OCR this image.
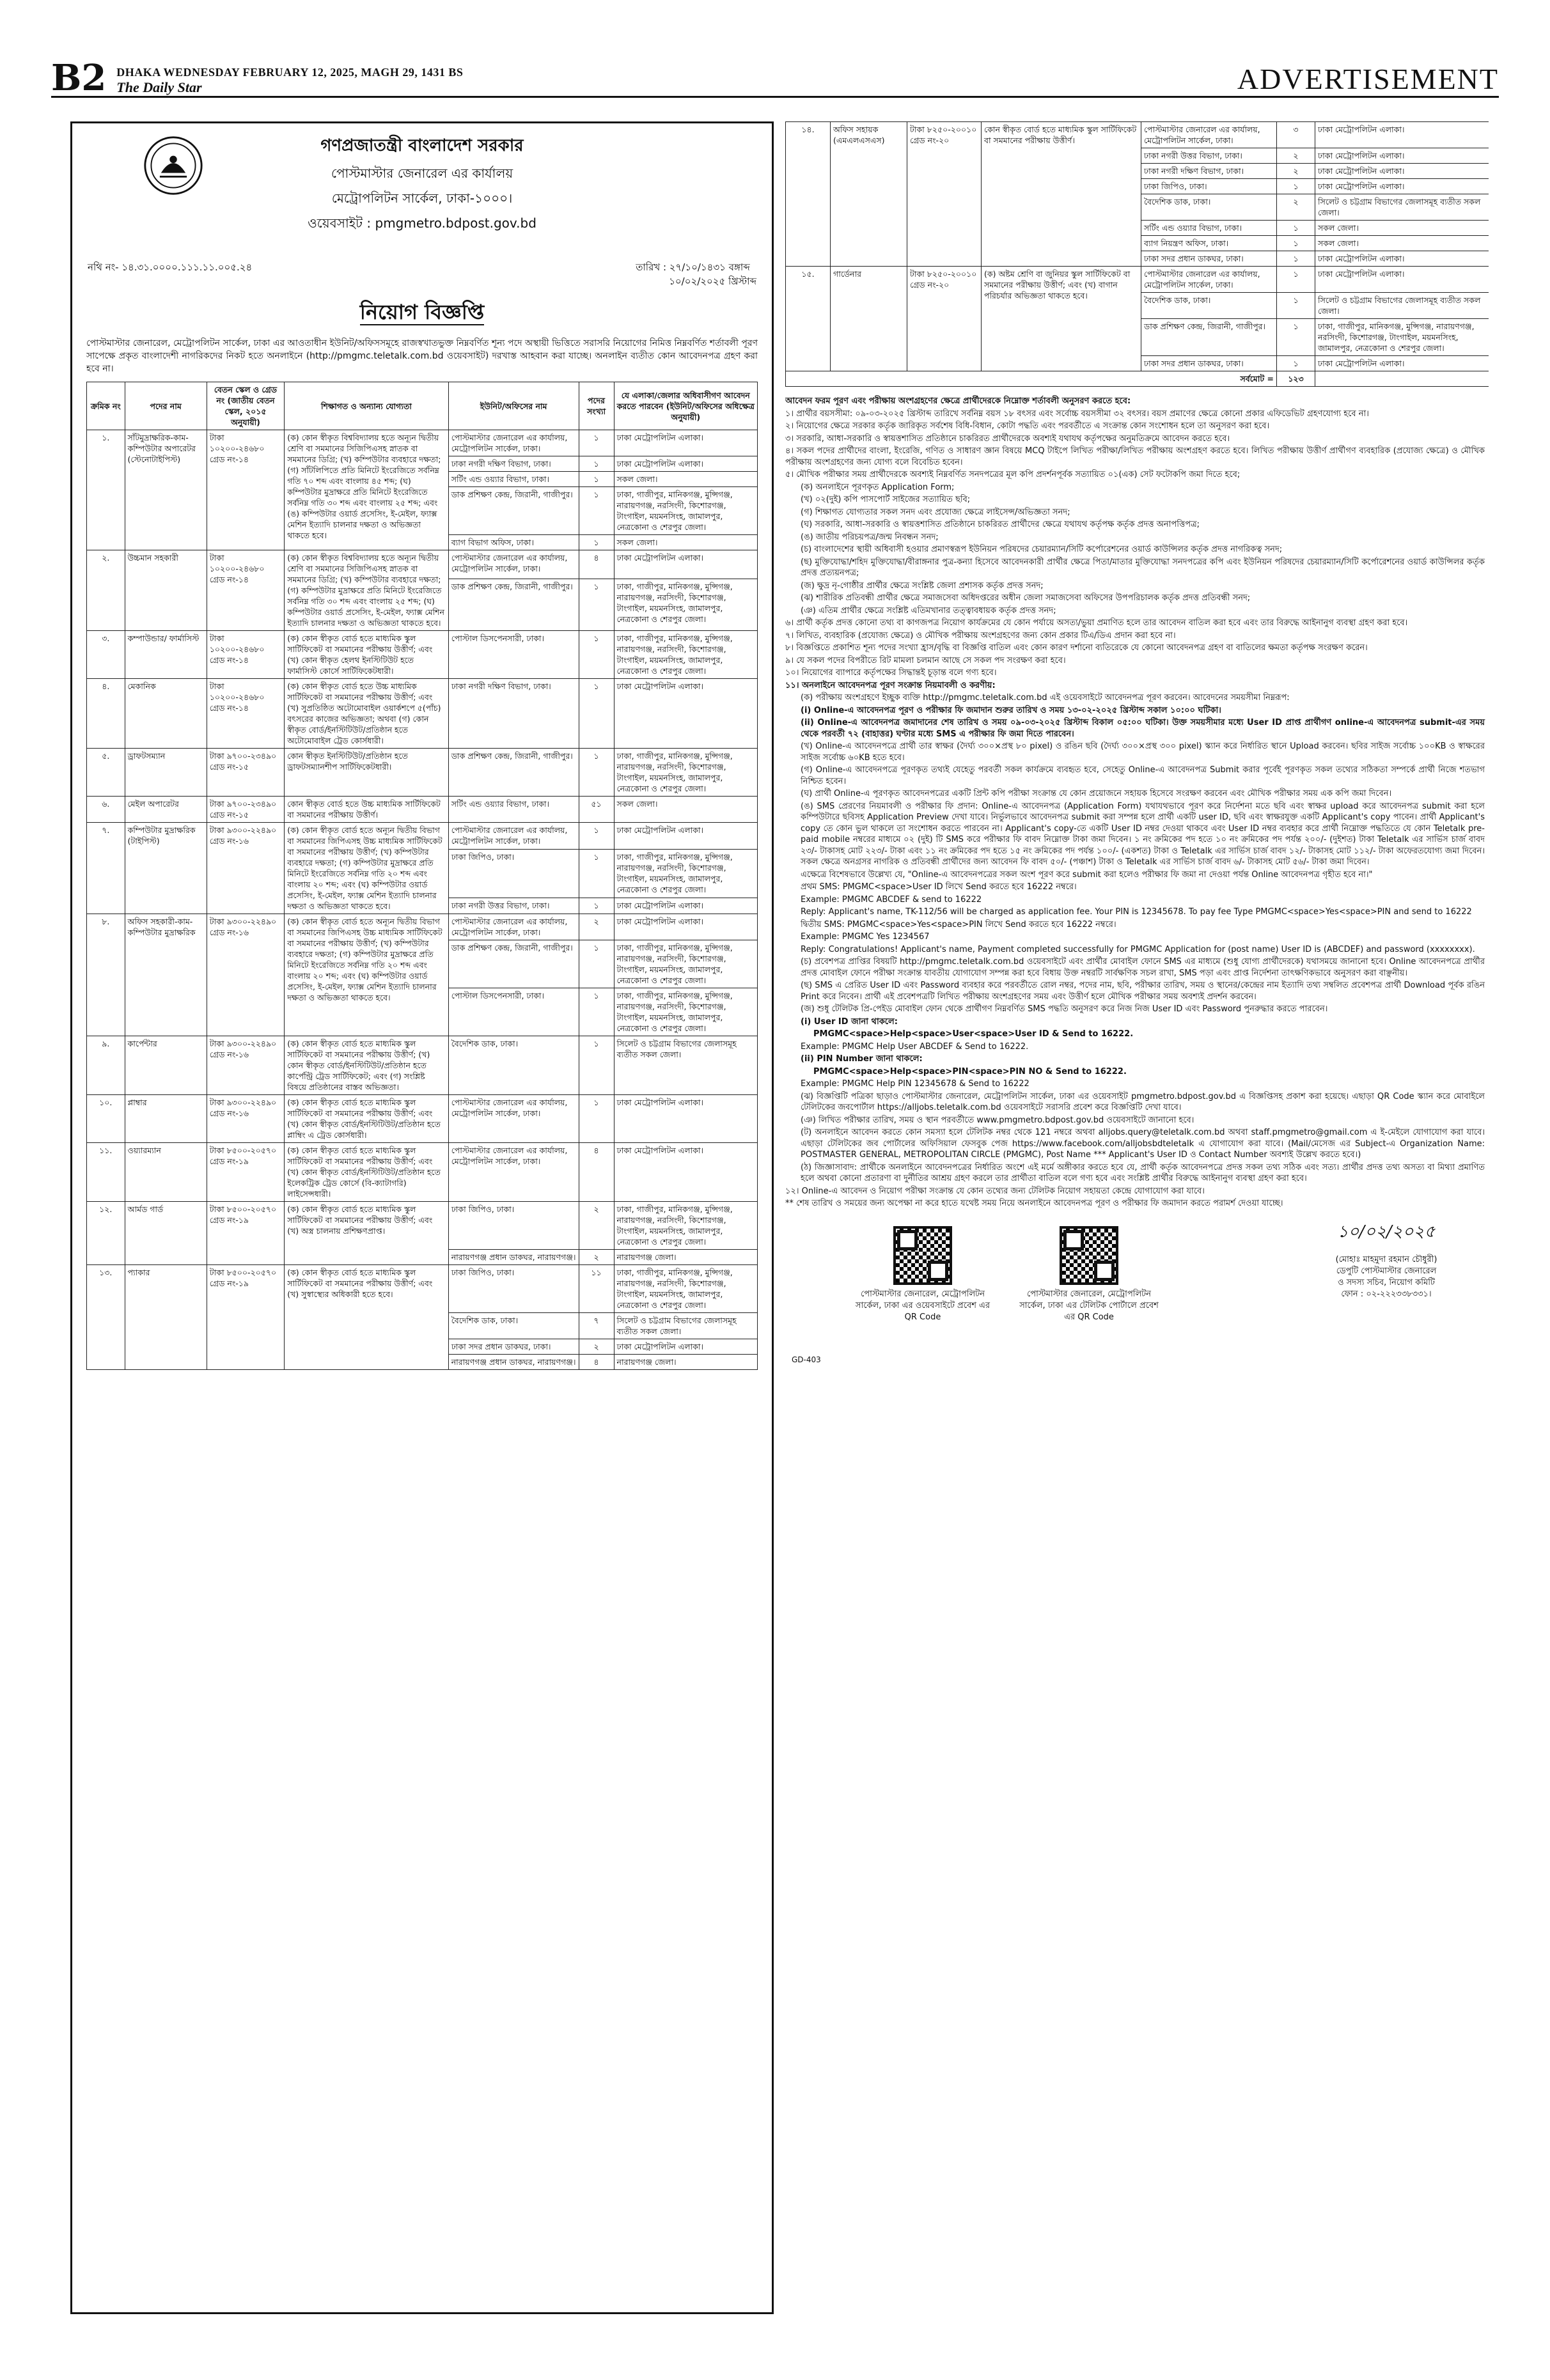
B2 DHAKA WEDNESDAY FEBRUARY 12, 2025, MAGH 29, 1431 BS
The Daily Star	ADVERTISEMENT
গণপ্রজাতন্ত্রী বাংলাদেশ সরকার
পোস্টমাস্টার জেনারেল এর কার্যালয়
মেট্রোপলিটন সার্কেল, ঢাকা-১০০০।
ওয়েবসাইট : pmgmetro.bdpost.gov.bd
নথি নং- ১৪.৩১.০০০০.১১১.১১.০০৫.২৪	তারিখ : ২৭/১০/১৪৩১ বঙ্গাব্দ
১০/০২/২০২৫ খ্রিস্টাব্দ
নিয়োগ বিজ্ঞপ্তি
পোস্টমাস্টার জেনারেল, মেট্রোপলিটন সার্কেল, ঢাকা এর আওতাধীন ইউনিট/অফিসসমূহে রাজস্বখাতভুক্ত নিম্নবর্ণিত শূন্য পদে অস্থায়ী ভিত্তিতে সরাসরি নিয়োগের নিমিত্ত নিম্নবর্ণিত শর্তাবলী পূরণ সাপেক্ষে প্রকৃত বাংলাদেশী নাগরিকদের নিকট হতে অনলাইনে (http://pmgmc.teletalk.com.bd ওয়েবসাইট) দরখাস্ত আহবান করা যাচ্ছে। অনলাইন ব্যতীত কোন আবেদনপত্র গ্রহণ করা হবে না।
ক্রমিক নং	পদের নাম	বেতন স্কেল ও গ্রেড নং (জাতীয় বেতন স্কেল, ২০১৫ অনুযায়ী)	শিক্ষাগত ও অন্যান্য যোগ্যতা	ইউনিট/অফিসের নাম	পদের সংখ্যা	যে এলাকা/জেলার অধিবাসীগণ আবেদন করতে পারবেন (ইউনিট/অফিসের অধিক্ষেত্র অনুযায়ী)
১.	সাঁটমুদ্রাক্ষরিক-কাম-কম্পিউটার অপারেটর (স্টেনোটাইপিস্ট)	টাকা ১০২০০-২৪৬৮০ গ্রেড নং-১৪	(ক) কোন স্বীকৃত বিশ্ববিদ্যালয় হতে অন্যূন দ্বিতীয় শ্রেণি বা সমমানের সিজিপিএসহ স্নাতক বা সমমানের ডিগ্রি; (খ) কম্পিউটার ব্যবহারে দক্ষতা; (গ) সাঁটলিপিতে প্রতি মিনিটে ইংরেজিতে সর্বনিম্ন গতি ৭০ শব্দ এবং বাংলায় ৪৫ শব্দ; (ঘ) কম্পিউটার মুদ্রাক্ষরে প্রতি মিনিটে ইংরেজিতে সর্বনিম্ন গতি ৩০ শব্দ এবং বাংলায় ২৫ শব্দ; এবং (ঙ) কম্পিউটার ওয়ার্ড প্রসেসিং, ই-মেইল, ফ্যাক্স মেশিন ইত্যাদি চালনার দক্ষতা ও অভিজ্ঞতা থাকতে হবে।	পোস্টমাস্টার জেনারেল এর কার্যালয়, মেট্রোপলিটন সার্কেল, ঢাকা।	১	ঢাকা মেট্রোপলিটন এলাকা।
				ঢাকা নগরী দক্ষিণ বিভাগ, ঢাকা।	১	ঢাকা মেট্রোপলিটন এলাকা।
				সর্টিং এন্ড ওয়্যার বিভাগ, ঢাকা।	১	সকল জেলা।
				ডাক প্রশিক্ষণ কেন্দ্র, জিরানী, গাজীপুর।	১	ঢাকা, গাজীপুর, মানিকগঞ্জ, মুন্সিগঞ্জ, নারায়ণগঞ্জ, নরসিংদী, কিশোরগঞ্জ, টাংগাইল, ময়মনসিংহ, জামালপুর, নেত্রকোনা ও শেরপুর জেলা।
				ব্যাগ বিভাগ অফিস, ঢাকা।	১	সকল জেলা।
২.	উচ্চমান সহকারী	টাকা ১০২০০-২৪৬৮০ গ্রেড নং-১৪	(ক) কোন স্বীকৃত বিশ্ববিদ্যালয় হতে অন্যূন দ্বিতীয় শ্রেণি বা সমমানের সিজিপিএসহ স্নাতক বা সমমানের ডিগ্রি; (খ) কম্পিউটার ব্যবহারে দক্ষতা; (গ) কম্পিউটার মুদ্রাক্ষরে প্রতি মিনিটে ইংরেজিতে সর্বনিম্ন গতি ৩০ শব্দ এবং বাংলায় ২৫ শব্দ; (ঘ) কম্পিউটার ওয়ার্ড প্রসেসিং, ই-মেইল, ফ্যাক্স মেশিন ইত্যাদি চালনার দক্ষতা ও অভিজ্ঞতা থাকতে হবে।	পোস্টমাস্টার জেনারেল এর কার্যালয়, মেট্রোপলিটন সার্কেল, ঢাকা।	৪	ঢাকা মেট্রোপলিটন এলাকা।
				ডাক প্রশিক্ষণ কেন্দ্র, জিরানী, গাজীপুর।	১	ঢাকা, গাজীপুর, মানিকগঞ্জ, মুন্সিগঞ্জ, নারায়ণগঞ্জ, নরসিংদী, কিশোরগঞ্জ, টাংগাইল, ময়মনসিংহ, জামালপুর, নেত্রকোনা ও শেরপুর জেলা।
৩.	কম্পাউন্ডার/ ফার্মাসিস্ট	টাকা ১০২০০-২৪৬৮০ গ্রেড নং-১৪	(ক) কোন স্বীকৃত বোর্ড হতে মাধ্যমিক স্কুল সার্টিফিকেট বা সমমানের পরীক্ষায় উত্তীর্ণ; এবং (খ) কোন স্বীকৃত হেলথ ইনস্টিটিউট হতে ফার্মাসিস্ট কোর্সে সার্টিফিকেটধারী।	পোস্টাল ডিসপেনসারী, ঢাকা।	১	ঢাকা, গাজীপুর, মানিকগঞ্জ, মুন্সিগঞ্জ, নারায়ণগঞ্জ, নরসিংদী, কিশোরগঞ্জ, টাংগাইল, ময়মনসিংহ, জামালপুর, নেত্রকোনা ও শেরপুর জেলা।
৪.	মেকানিক	টাকা ১০২০০-২৪৬৮০ গ্রেড নং-১৪	(ক) কোন স্বীকৃত বোর্ড হতে উচ্চ মাধ্যমিক সার্টিফিকেট বা সমমানের পরীক্ষায় উত্তীর্ণ; এবং (খ) সুপ্রতিষ্ঠিত অটোমোবাইল ওয়ার্কশপে ৫(পাঁচ) বৎসরের কাজের অভিজ্ঞতা; অথবা (গ) কোন স্বীকৃত বোর্ড/ইনস্টিটিউট/প্রতিষ্ঠান হতে অটোমোবাইল ট্রেড কোর্সধারী।	ঢাকা নগরী দক্ষিণ বিভাগ, ঢাকা।	১	ঢাকা মেট্রোপলিটন এলাকা।
৫.	ড্রাফটসম্যান	টাকা ৯৭০০-২৩৪৯০ গ্রেড নং-১৫	কোন স্বীকৃত ইনস্টিটিউট/প্রতিষ্ঠান হতে ড্রাফটসম্যানশীপ সার্টিফিকেটধারী।	ডাক প্রশিক্ষণ কেন্দ্র, জিরানী, গাজীপুর।	১	ঢাকা, গাজীপুর, মানিকগঞ্জ, মুন্সিগঞ্জ, নারায়ণগঞ্জ, নরসিংদী, কিশোরগঞ্জ, টাংগাইল, ময়মনসিংহ, জামালপুর, নেত্রকোনা ও শেরপুর জেলা।
৬.	মেইল অপারেটর	টাকা ৯৭০০-২৩৪৯০ গ্রেড নং-১৫	কোন স্বীকৃত বোর্ড হতে উচ্চ মাধ্যমিক সার্টিফিকেট বা সমমানের পরীক্ষায় উত্তীর্ণ।	সর্টিং এন্ড ওয়্যার বিভাগ, ঢাকা।	৫১	সকল জেলা।
৭.	কম্পিউটার মুদ্রাক্ষরিক (টাইপিস্ট)	টাকা ৯৩০০-২২৪৯০ গ্রেড নং-১৬	(ক) কোন স্বীকৃত বোর্ড হতে অন্যূন দ্বিতীয় বিভাগ বা সমমানের জিপিএসহ উচ্চ মাধ্যমিক সার্টিফিকেট বা সমমানের পরীক্ষায় উত্তীর্ণ; (খ) কম্পিউটার ব্যবহারে দক্ষতা; (গ) কম্পিউটার মুদ্রাক্ষরে প্রতি মিনিটে ইংরেজিতে সর্বনিম্ন গতি ২০ শব্দ এবং বাংলায় ২০ শব্দ; এবং (ঘ) কম্পিউটার ওয়ার্ড প্রসেসিং, ই-মেইল, ফ্যাক্স মেশিন ইত্যাদি চালনার দক্ষতা ও অভিজ্ঞতা থাকতে হবে।	পোস্টমাস্টার জেনারেল এর কার্যালয়, মেট্রোপলিটন সার্কেল, ঢাকা।	১	ঢাকা মেট্রোপলিটন এলাকা।
				ঢাকা জিপিও, ঢাকা।	১	ঢাকা, গাজীপুর, মানিকগঞ্জ, মুন্সিগঞ্জ, নারায়ণগঞ্জ, নরসিংদী, কিশোরগঞ্জ, টাংগাইল, ময়মনসিংহ, জামালপুর, নেত্রকোনা ও শেরপুর জেলা।
				ঢাকা নগরী উত্তর বিভাগ, ঢাকা।	১	ঢাকা মেট্রোপলিটন এলাকা।
৮.	অফিস সহকারী-কাম-কম্পিউটার মুদ্রাক্ষরিক	টাকা ৯৩০০-২২৪৯০ গ্রেড নং-১৬	(ক) কোন স্বীকৃত বোর্ড হতে অন্যূন দ্বিতীয় বিভাগ বা সমমানের জিপিএসহ উচ্চ মাধ্যমিক সার্টিফিকেট বা সমমানের পরীক্ষায় উত্তীর্ণ; (খ) কম্পিউটার ব্যবহারে দক্ষতা; (গ) কম্পিউটার মুদ্রাক্ষরে প্রতি মিনিটে ইংরেজিতে সর্বনিম্ন গতি ২০ শব্দ এবং বাংলায় ২০ শব্দ; এবং (ঘ) কম্পিউটার ওয়ার্ড প্রসেসিং, ই-মেইল, ফ্যাক্স মেশিন ইত্যাদি চালনার দক্ষতা ও অভিজ্ঞতা থাকতে হবে।	পোস্টমাস্টার জেনারেল এর কার্যালয়, মেট্রোপলিটন সার্কেল, ঢাকা।	২	ঢাকা মেট্রোপলিটন এলাকা।
				ডাক প্রশিক্ষণ কেন্দ্র, জিরানী, গাজীপুর।	১	ঢাকা, গাজীপুর, মানিকগঞ্জ, মুন্সিগঞ্জ, নারায়ণগঞ্জ, নরসিংদী, কিশোরগঞ্জ, টাংগাইল, ময়মনসিংহ, জামালপুর, নেত্রকোনা ও শেরপুর জেলা।
				পোস্টাল ডিসপেনসারী, ঢাকা।	১	ঢাকা, গাজীপুর, মানিকগঞ্জ, মুন্সিগঞ্জ, নারায়ণগঞ্জ, নরসিংদী, কিশোরগঞ্জ, টাংগাইল, ময়মনসিংহ, জামালপুর, নেত্রকোনা ও শেরপুর জেলা।
৯.	কার্পেন্টার	টাকা ৯৩০০-২২৪৯০ গ্রেড নং-১৬	(ক) কোন স্বীকৃত বোর্ড হতে মাধ্যমিক স্কুল সার্টিফিকেট বা সমমানের পরীক্ষায় উত্তীর্ণ; (খ) কোন স্বীকৃত বোর্ড/ইনস্টিটিউট/প্রতিষ্ঠান হতে কার্পেন্ট্রি ট্রেড সার্টিফিকেট; এবং (গ) সংশ্লিষ্ট বিষয়ে প্রতিষ্ঠানের বাস্তব অভিজ্ঞতা।	বৈদেশিক ডাক, ঢাকা।	১	সিলেট ও চট্টগ্রাম বিভাগের জেলাসমূহ ব্যতীত সকল জেলা।
১০.	প্লাম্বার	টাকা ৯৩০০-২২৪৯০ গ্রেড নং-১৬	(ক) কোন স্বীকৃত বোর্ড হতে মাধ্যমিক স্কুল সার্টিফিকেট বা সমমানের পরীক্ষায় উত্তীর্ণ; এবং (খ) কোন স্বীকৃত বোর্ড/ইনস্টিটিউট/প্রতিষ্ঠান হতে প্লাম্বিং এ ট্রেড কোর্সধারী।	পোস্টমাস্টার জেনারেল এর কার্যালয়, মেট্রোপলিটন সার্কেল, ঢাকা।	১	ঢাকা মেট্রোপলিটন এলাকা।
১১.	ওয়্যারম্যান	টাকা ৮৫০০-২০৫৭০ গ্রেড নং-১৯	(ক) কোন স্বীকৃত বোর্ড হতে মাধ্যমিক স্কুল সার্টিফিকেট বা সমমানের পরীক্ষায় উত্তীর্ণ; এবং (খ) কোন স্বীকৃত বোর্ড/ইনস্টিটিউট/প্রতিষ্ঠান হতে ইলেকট্রিক ট্রেড কোর্সে (বি-ক্যাটাগরি) লাইসেন্সধারী।	পোস্টমাস্টার জেনারেল এর কার্যালয়, মেট্রোপলিটন সার্কেল, ঢাকা।	৪	ঢাকা মেট্রোপলিটন এলাকা।
১২.	আর্মড গার্ড	টাকা ৮৫০০-২০৫৭০ গ্রেড নং-১৯	(ক) কোন স্বীকৃত বোর্ড হতে মাধ্যমিক স্কুল সার্টিফিকেট বা সমমানের পরীক্ষায় উত্তীর্ণ; এবং (খ) অস্ত্র চালনায় প্রশিক্ষণপ্রাপ্ত।	ঢাকা জিপিও, ঢাকা।	২	ঢাকা, গাজীপুর, মানিকগঞ্জ, মুন্সিগঞ্জ, নারায়ণগঞ্জ, নরসিংদী, কিশোরগঞ্জ, টাংগাইল, ময়মনসিংহ, জামালপুর, নেত্রকোনা ও শেরপুর জেলা।
				নারায়ণগঞ্জ প্রধান ডাকঘর, নারায়ণগঞ্জ।	২	নারায়ণগঞ্জ জেলা।
১৩.	প্যাকার	টাকা ৮৫০০-২০৫৭০ গ্রেড নং-১৯	(ক) কোন স্বীকৃত বোর্ড হতে মাধ্যমিক স্কুল সার্টিফিকেট বা সমমানের পরীক্ষায় উত্তীর্ণ; এবং (খ) সুস্বাস্থ্যের অধিকারী হতে হবে।	ঢাকা জিপিও, ঢাকা।	১১	ঢাকা, গাজীপুর, মানিকগঞ্জ, মুন্সিগঞ্জ, নারায়ণগঞ্জ, নরসিংদী, কিশোরগঞ্জ, টাংগাইল, ময়মনসিংহ, জামালপুর, নেত্রকোনা ও শেরপুর জেলা।
				বৈদেশিক ডাক, ঢাকা।	৭	সিলেট ও চট্টগ্রাম বিভাগের জেলাসমূহ ব্যতীত সকল জেলা।
				ঢাকা সদর প্রধান ডাকঘর, ঢাকা।	২	ঢাকা মেট্রোপলিটন এলাকা।
				নারায়ণগঞ্জ প্রধান ডাকঘর, নারায়ণগঞ্জ।	৪	নারায়ণগঞ্জ জেলা।
১৪.	অফিস সহায়ক (এমএলএসএস)	টাকা ৮২৫০-২০০১০ গ্রেড নং-২০	কোন স্বীকৃত বোর্ড হতে মাধ্যমিক স্কুল সার্টিফিকেট বা সমমানের পরীক্ষায় উত্তীর্ণ।	পোস্টমাস্টার জেনারেল এর কার্যালয়, মেট্রোপলিটন সার্কেল, ঢাকা।	৩	ঢাকা মেট্রোপলিটন এলাকা।
				ঢাকা নগরী উত্তর বিভাগ, ঢাকা।	২	ঢাকা মেট্রোপলিটন এলাকা।
				ঢাকা নগরী দক্ষিণ বিভাগ, ঢাকা।	২	ঢাকা মেট্রোপলিটন এলাকা।
				ঢাকা জিপিও, ঢাকা।	১	ঢাকা মেট্রোপলিটন এলাকা।
				বৈদেশিক ডাক, ঢাকা।	২	সিলেট ও চট্টগ্রাম বিভাগের জেলাসমূহ ব্যতীত সকল জেলা।
				সর্টিং এন্ড ওয়্যার বিভাগ, ঢাকা।	১	সকল জেলা।
				ব্যাগ নিয়ন্ত্রণ অফিস, ঢাকা।	১	সকল জেলা।
				ঢাকা সদর প্রধান ডাকঘর, ঢাকা।	১	ঢাকা মেট্রোপলিটন এলাকা।
১৫.	গার্ডেনার	টাকা ৮২৫০-২০০১০ গ্রেড নং-২০	(ক) অষ্টম শ্রেণি বা জুনিয়র স্কুল সার্টিফিকেট বা সমমানের পরীক্ষায় উত্তীর্ণ; এবং (খ) বাগান পরিচর্যার অভিজ্ঞতা থাকতে হবে।	পোস্টমাস্টার জেনারেল এর কার্যালয়, মেট্রোপলিটন সার্কেল, ঢাকা।	১	ঢাকা মেট্রোপলিটন এলাকা।
				বৈদেশিক ডাক, ঢাকা।	১	সিলেট ও চট্টগ্রাম বিভাগের জেলাসমূহ ব্যতীত সকল জেলা।
				ডাক প্রশিক্ষণ কেন্দ্র, জিরানী, গাজীপুর।	১	ঢাকা, গাজীপুর, মানিকগঞ্জ, মুন্সিগঞ্জ, নারায়ণগঞ্জ, নরসিংদী, কিশোরগঞ্জ, টাংগাইল, ময়মনসিংহ, জামালপুর, নেত্রকোনা ও শেরপুর জেলা।
				ঢাকা সদর প্রধান ডাকঘর, ঢাকা।	১	ঢাকা মেট্রোপলিটন এলাকা।
সর্বমোট =					১২৩	

আবেদন ফরম পূরণ এবং পরীক্ষায় অংশগ্রহণের ক্ষেত্রে প্রার্থীদেরকে নিম্নোক্ত শর্তাবলী অনুসরণ করতে হবে:

১। প্রার্থীর বয়সসীমা: ০৯-০৩-২০২৫ খ্রিস্টাব্দ তারিখে সর্বনিম্ন বয়স ১৮ বৎসর এবং সর্বোচ্চ বয়সসীমা ৩২ বৎসর। বয়স প্রমাণের ক্ষেত্রে কোনো প্রকার এফিডেভিট গ্রহণযোগ্য হবে না।

২। নিয়োগের ক্ষেত্রে সরকার কর্তৃক জারিকৃত সর্বশেষ বিধি-বিধান, কোটা পদ্ধতি এবং পরবর্তীতে এ সংক্রান্ত কোন সংশোধন হলে তা অনুসরণ করা হবে।

৩। সরকারি, আধা-সরকারি ও স্বায়ত্তশাসিত প্রতিষ্ঠানে চাকরিরত প্রার্থীদেরকে অবশ্যই যথাযথ কর্তৃপক্ষের অনুমতিক্রমে আবেদন করতে হবে।

৪। সকল পদের প্রার্থীদের বাংলা, ইংরেজি, গণিত ও সাধারণ জ্ঞান বিষয়ে MCQ টাইপে লিখিত পরীক্ষা/লিখিত পরীক্ষায় অংশগ্রহণ করতে হবে। লিখিত পরীক্ষায় উত্তীর্ণ প্রার্থীগণ ব্যবহারিক (প্রযোজ্য ক্ষেত্রে) ও মৌখিক পরীক্ষায় অংশগ্রহণের জন্য যোগ্য বলে বিবেচিত হবেন।

৫। মৌখিক পরীক্ষার সময় প্রার্থীদেরকে অবশ্যই নিম্নবর্ণিত সনদপত্রের মূল কপি প্রদর্শনপূর্বক সত্যায়িত ০১(এক) সেট ফটোকপি জমা দিতে হবে;

(ক) অনলাইনে পূরণকৃত Application Form;

(খ) ০২(দুই) কপি পাসপোর্ট সাইজের সত্যায়িত ছবি;

(গ) শিক্ষাগত যোগ্যতার সকল সনদ এবং প্রযোজ্য ক্ষেত্রে লাইসেন্স/অভিজ্ঞতা সনদ;

(ঘ) সরকারি, আধা-সরকারি ও স্বায়ত্তশাসিত প্রতিষ্ঠানে চাকরিরত প্রার্থীদের ক্ষেত্রে যথাযথ কর্তৃপক্ষ কর্তৃক প্রদত্ত অনাপত্তিপত্র;

(ঙ) জাতীয় পরিচয়পত্র/জন্ম নিবন্ধন সনদ;

(চ) বাংলাদেশের স্থায়ী অধিবাসী হওয়ার প্রমাণস্বরূপ ইউনিয়ন পরিষদের চেয়ারম্যান/সিটি কর্পোরেশনের ওয়ার্ড কাউন্সিলর কর্তৃক প্রদত্ত নাগরিকত্ব সনদ;

(ছ) মুক্তিযোদ্ধা/শহিদ মুক্তিযোদ্ধা/বীরাঙ্গনার পুত্র-কন্যা হিসেবে আবেদনকারী প্রার্থীর ক্ষেত্রে পিতা/মাতার মুক্তিযোদ্ধা সনদপত্রের কপি এবং ইউনিয়ন পরিষদের চেয়ারম্যান/সিটি কর্পোরেশনের ওয়ার্ড কাউন্সিলর কর্তৃক প্রদত্ত প্রত্যয়নপত্র;

(জ) ক্ষুদ্র নৃ-গোষ্ঠীর প্রার্থীর ক্ষেত্রে সংশ্লিষ্ট জেলা প্রশাসক কর্তৃক প্রদত্ত সনদ;

(ঝ) শারীরিক প্রতিবন্ধী প্রার্থীর ক্ষেত্রে সমাজসেবা অধিদপ্তরের অধীন জেলা সমাজসেবা অফিসের উপপরিচালক কর্তৃক প্রদত্ত প্রতিবন্ধী সনদ;

(ঞ) এতিম প্রার্থীর ক্ষেত্রে সংশ্লিষ্ট এতিমখানার তত্ত্বাবধায়ক কর্তৃক প্রদত্ত সনদ;

৬। প্রার্থী কর্তৃক প্রদত্ত কোনো তথ্য বা কাগজপত্র নিয়োগ কার্যক্রমের যে কোন পর্যায়ে অসত্য/ভুয়া প্রমাণিত হলে তার আবেদন বাতিল করা হবে এবং তার বিরুদ্ধে আইনানুগ ব্যবস্থা গ্রহণ করা হবে।

৭। লিখিত, ব্যবহারিক (প্রযোজ্য ক্ষেত্রে) ও মৌখিক পরীক্ষায় অংশগ্রহণের জন্য কোন প্রকার টিএ/ডিএ প্রদান করা হবে না।

৮। বিজ্ঞপ্তিতে প্রকাশিত শূন্য পদের সংখ্যা হ্রাস/বৃদ্ধি বা বিজ্ঞপ্তি বাতিল এবং কোন কারণ দর্শানো ব্যতিরেকে যে কোনো আবেদনপত্র গ্রহণ বা বাতিলের ক্ষমতা কর্তৃপক্ষ সংরক্ষণ করেন।

৯। যে সকল পদের বিপরীতে রিট মামলা চলমান আছে সে সকল পদ সংরক্ষণ করা হবে।

১০। নিয়োগের ব্যাপারে কর্তৃপক্ষের সিদ্ধান্তই চূড়ান্ত বলে গণ্য হবে।

১১। অনলাইনে আবেদনপত্র পূরণ সংক্রান্ত নিয়মাবলী ও করণীয়:

(ক) পরীক্ষায় অংশগ্রহণে ইচ্ছুক ব্যক্তি http://pmgmc.teletalk.com.bd এই ওয়েবসাইটে আবেদনপত্র পূরণ করবেন। আবেদনের সময়সীমা নিম্নরূপ:

(i) Online-এ আবেদনপত্র পূরণ ও পরীক্ষার ফি জমাদান শুরুর তারিখ ও সময় ১৩-০২-২০২৫ খ্রিস্টাব্দ সকাল ১০:০০ ঘটিকা।

(ii) Online-এ আবেদনপত্র জমাদানের শেষ তারিখ ও সময় ০৯-০৩-২০২৫ খ্রিস্টাব্দ বিকাল ০৫:০০ ঘটিকা। উক্ত সময়সীমার মধ্যে User ID প্রাপ্ত প্রার্থীগণ online-এ আবেদনপত্র submit-এর সময় থেকে পরবর্তী ৭২ (বাহাত্তর) ঘণ্টার মধ্যে SMS এ পরীক্ষার ফি জমা দিতে পারবেন।

(খ) Online-এ আবেদনপত্রে প্রার্থী তার স্বাক্ষর (দৈর্ঘ্য ৩০০×প্রস্থ ৮০ pixel) ও রঙিন ছবি (দৈর্ঘ্য ৩০০×প্রস্থ ৩০০ pixel) স্ক্যান করে নির্ধারিত স্থানে Upload করবেন। ছবির সাইজ সর্বোচ্চ ১০০KB ও স্বাক্ষরের সাইজ সর্বোচ্চ ৬০KB হতে হবে।

(গ) Online-এ আবেদনপত্রে পূরণকৃত তথ্যই যেহেতু পরবর্তী সকল কার্যক্রমে ব্যবহৃত হবে, সেহেতু Online-এ আবেদনপত্র Submit করার পূর্বেই পূরণকৃত সকল তথ্যের সঠিকতা সম্পর্কে প্রার্থী নিজে শতভাগ নিশ্চিত হবেন।

(ঘ) প্রার্থী Online-এ পূরণকৃত আবেদনপত্রের একটি প্রিন্ট কপি পরীক্ষা সংক্রান্ত যে কোন প্রয়োজনে সহায়ক হিসেবে সংরক্ষণ করবেন এবং মৌখিক পরীক্ষার সময় এক কপি জমা দিবেন।

(ঙ) SMS প্রেরণের নিয়মাবলী ও পরীক্ষার ফি প্রদান: Online-এ আবেদনপত্র (Application Form) যথাযথভাবে পূরণ করে নির্দেশনা মতে ছবি এবং স্বাক্ষর upload করে আবেদনপত্র submit করা হলে কম্পিউটারে ছবিসহ Application Preview দেখা যাবে। নির্ভুলভাবে আবেদনপত্র submit করা সম্পন্ন হলে প্রার্থী একটি user ID, ছবি এবং স্বাক্ষরযুক্ত একটি Applicant's copy পাবেন। প্রার্থী Applicant's copy তে কোন ভুল থাকলে তা সংশোধন করতে পারবেন না। Applicant's copy-তে একটি User ID নম্বর দেওয়া থাকবে এবং User ID নম্বর ব্যবহার করে প্রার্থী নিম্নোক্ত পদ্ধতিতে যে কোন Teletalk pre-paid mobile নম্বরের মাধ্যমে ০২ (দুই) টি SMS করে পরীক্ষার ফি বাবদ নিম্নোক্ত টাকা জমা দিবেন। ১ নং ক্রমিকের পদ হতে ১০ নং ক্রমিকের পদ পর্যন্ত ২০০/- (দুইশত) টাকা Teletalk এর সার্ভিস চার্জ বাবদ ২৩/- টাকাসহ মোট ২২৩/- টাকা এবং ১১ নং ক্রমিকের পদ হতে ১৫ নং ক্রমিকের পদ পর্যন্ত ১০০/- (একশত) টাকা ও Teletalk এর সার্ভিস চার্জ বাবদ ১২/- টাকাসহ মোট ১১২/- টাকা অফেরতযোগ্য জমা দিবেন। সকল ক্ষেত্রে অনগ্রসর নাগরিক ও প্রতিবন্ধী প্রার্থীদের জন্য আবেদন ফি বাবদ ৫০/- (পঞ্চাশ) টাকা ও Teletalk এর সার্ভিস চার্জ বাবদ ৬/- টাকাসহ মোট ৫৬/- টাকা জমা দিবেন।

এক্ষেত্রে বিশেষভাবে উল্লেখ্য যে, "Online-এ আবেদনপত্রের সকল অংশ পূরণ করে submit করা হলেও পরীক্ষার ফি জমা না দেওয়া পর্যন্ত Online আবেদনপত্র গৃহীত হবে না।"

প্রথম SMS: PMGMC<space>User ID লিখে Send করতে হবে 16222 নম্বরে।

Example: PMGMC ABCDEF & send to 16222

Reply: Applicant's name, TK-112/56 will be charged as application fee. Your PIN is 12345678. To pay fee Type PMGMC<space>Yes<space>PIN and send to 16222

দ্বিতীয় SMS: PMGMC<space>Yes<space>PIN লিখে Send করতে হবে 16222 নম্বরে।

Example: PMGMC Yes 1234567

Reply: Congratulations! Applicant's name, Payment completed successfully for PMGMC Application for (post name) User ID is (ABCDEF) and password (xxxxxxxx).

(চ) প্রবেশপত্র প্রাপ্তির বিষয়টি http://pmgmc.teletalk.com.bd ওয়েবসাইটে এবং প্রার্থীর মোবাইল ফোনে SMS এর মাধ্যমে (শুধু যোগ্য প্রার্থীদেরকে) যথাসময়ে জানানো হবে। Online আবেদনপত্রে প্রার্থীর প্রদত্ত মোবাইল ফোনে পরীক্ষা সংক্রান্ত যাবতীয় যোগাযোগ সম্পন্ন করা হবে বিধায় উক্ত নম্বরটি সার্বক্ষণিক সচল রাখা, SMS পড়া এবং প্রাপ্ত নির্দেশনা তাৎক্ষণিকভাবে অনুসরণ করা বাঞ্ছনীয়।

(ছ) SMS এ প্রেরিত User ID এবং Password ব্যবহার করে পরবর্তীতে রোল নম্বর, পদের নাম, ছবি, পরীক্ষার তারিখ, সময় ও স্থানের/কেন্দ্রের নাম ইত্যাদি তথ্য সম্বলিত প্রবেশপত্র প্রার্থী Download পূর্বক রঙিন Print করে নিবেন। প্রার্থী এই প্রবেশপত্রটি লিখিত পরীক্ষায় অংশগ্রহণের সময় এবং উত্তীর্ণ হলে মৌখিক পরীক্ষার সময় অবশ্যই প্রদর্শন করবেন।

(জ) শুধু টেলিটক প্রি-পেইড মোবাইল ফোন থেকে প্রার্থীগণ নিম্নবর্ণিত SMS পদ্ধতি অনুসরণ করে নিজ নিজ User ID এবং Password পুনরুদ্ধার করতে পারবেন।

(i) User ID জানা থাকলে:

PMGMC<space>Help<space>User<space>User ID & Send to 16222.

Example: PMGMC Help User ABCDEF & Send to 16222.

(ii) PIN Number জানা থাকলে:

PMGMC<space>Help<space>PIN<space>PIN NO & Send to 16222.

Example: PMGMC Help PIN 12345678 & Send to 16222

(ঝ) বিজ্ঞপ্তিটি পত্রিকা ছাড়াও পোস্টমাস্টার জেনারেল, মেট্রোপলিটন সার্কেল, ঢাকা এর ওয়েবসাইট pmgmetro.bdpost.gov.bd এ বিজ্ঞপ্তিসহ প্রকাশ করা হয়েছে। এছাড়া QR Code স্ক্যান করে মোবাইলে টেলিটকের জবপোর্টাল https://alljobs.teletalk.com.bd ওয়েবসাইটে সরাসরি প্রবেশ করে বিজ্ঞপ্তিটি দেখা যাবে।

(ঞ) লিখিত পরীক্ষার তারিখ, সময় ও স্থান পরবর্তীতে www.pmgmetro.bdpost.gov.bd ওয়েবসাইটে জানানো হবে।

(ট) অনলাইনে আবেদন করতে কোন সমস্যা হলে টেলিটক নম্বর থেকে 121 নম্বরে অথবা alljobs.query@teletalk.com.bd অথবা staff.pmgmetro@gmail.com এ ই-মেইলে যোগাযোগ করা যাবে। এছাড়া টেলিটকের জব পোর্টালের অফিসিয়াল ফেসবুক পেজ https://www.facebook.com/alljobsbdteletalk এ যোগাযোগ করা যাবে। (Mail/মেসেজ এর Subject-এ Organization Name: POSTMASTER GENERAL, METROPOLITAN CIRCLE (PMGMC), Post Name *** Applicant's User ID ও Contact Number অবশ্যই উল্লেখ করতে হবে।)

(ঠ) জিজ্ঞাসাবাদ: প্রার্থীকে অনলাইনে আবেদনপত্রের নির্ধারিত অংশে এই মর্মে অঙ্গীকার করতে হবে যে, প্রার্থী কর্তৃক আবেদনপত্রে প্রদত্ত সকল তথ্য সঠিক এবং সত্য। প্রার্থীর প্রদত্ত তথ্য অসত্য বা মিথ্যা প্রমাণিত হলে অথবা কোনো প্রতারণা বা দুর্নীতির আশ্রয় গ্রহণ করলে তার প্রার্থীতা বাতিল বলে গণ্য হবে এবং সংশ্লিষ্ট প্রার্থীর বিরুদ্ধে আইনানুগ ব্যবস্থা গ্রহণ করা হবে।

১২। Online-এ আবেদন ও নিয়োগ পরীক্ষা সংক্রান্ত যে কোন তথ্যের জন্য টেলিটক নিয়োগ সহায়তা কেন্দ্রে যোগাযোগ করা যাবে।

** শেষ তারিখ ও সময়ের জন্য অপেক্ষা না করে হাতে যথেষ্ট সময় নিয়ে অনলাইনে আবেদনপত্র পূরণ ও পরীক্ষার ফি জমাদান করতে পরামর্শ দেওয়া যাচ্ছে।

পোস্টমাস্টার জেনারেল, মেট্রোপলিটন সার্কেল, ঢাকা এর ওয়েবসাইটে প্রবেশ এর QR Code
পোস্টমাস্টার জেনারেল, মেট্রোপলিটন সার্কেল, ঢাকা এর টেলিটক পোর্টালে প্রবেশ এর QR Code
১০/০২/২০২৫
(মোহাঃ মাহমুদা রহমান চৌধুরী)
ডেপুটি পোস্টমাস্টার জেনারেল
ও সদস্য সচিব, নিয়োগ কমিটি
ফোন : ০২-২২২৩৩৮৩৩১।
GD-403
